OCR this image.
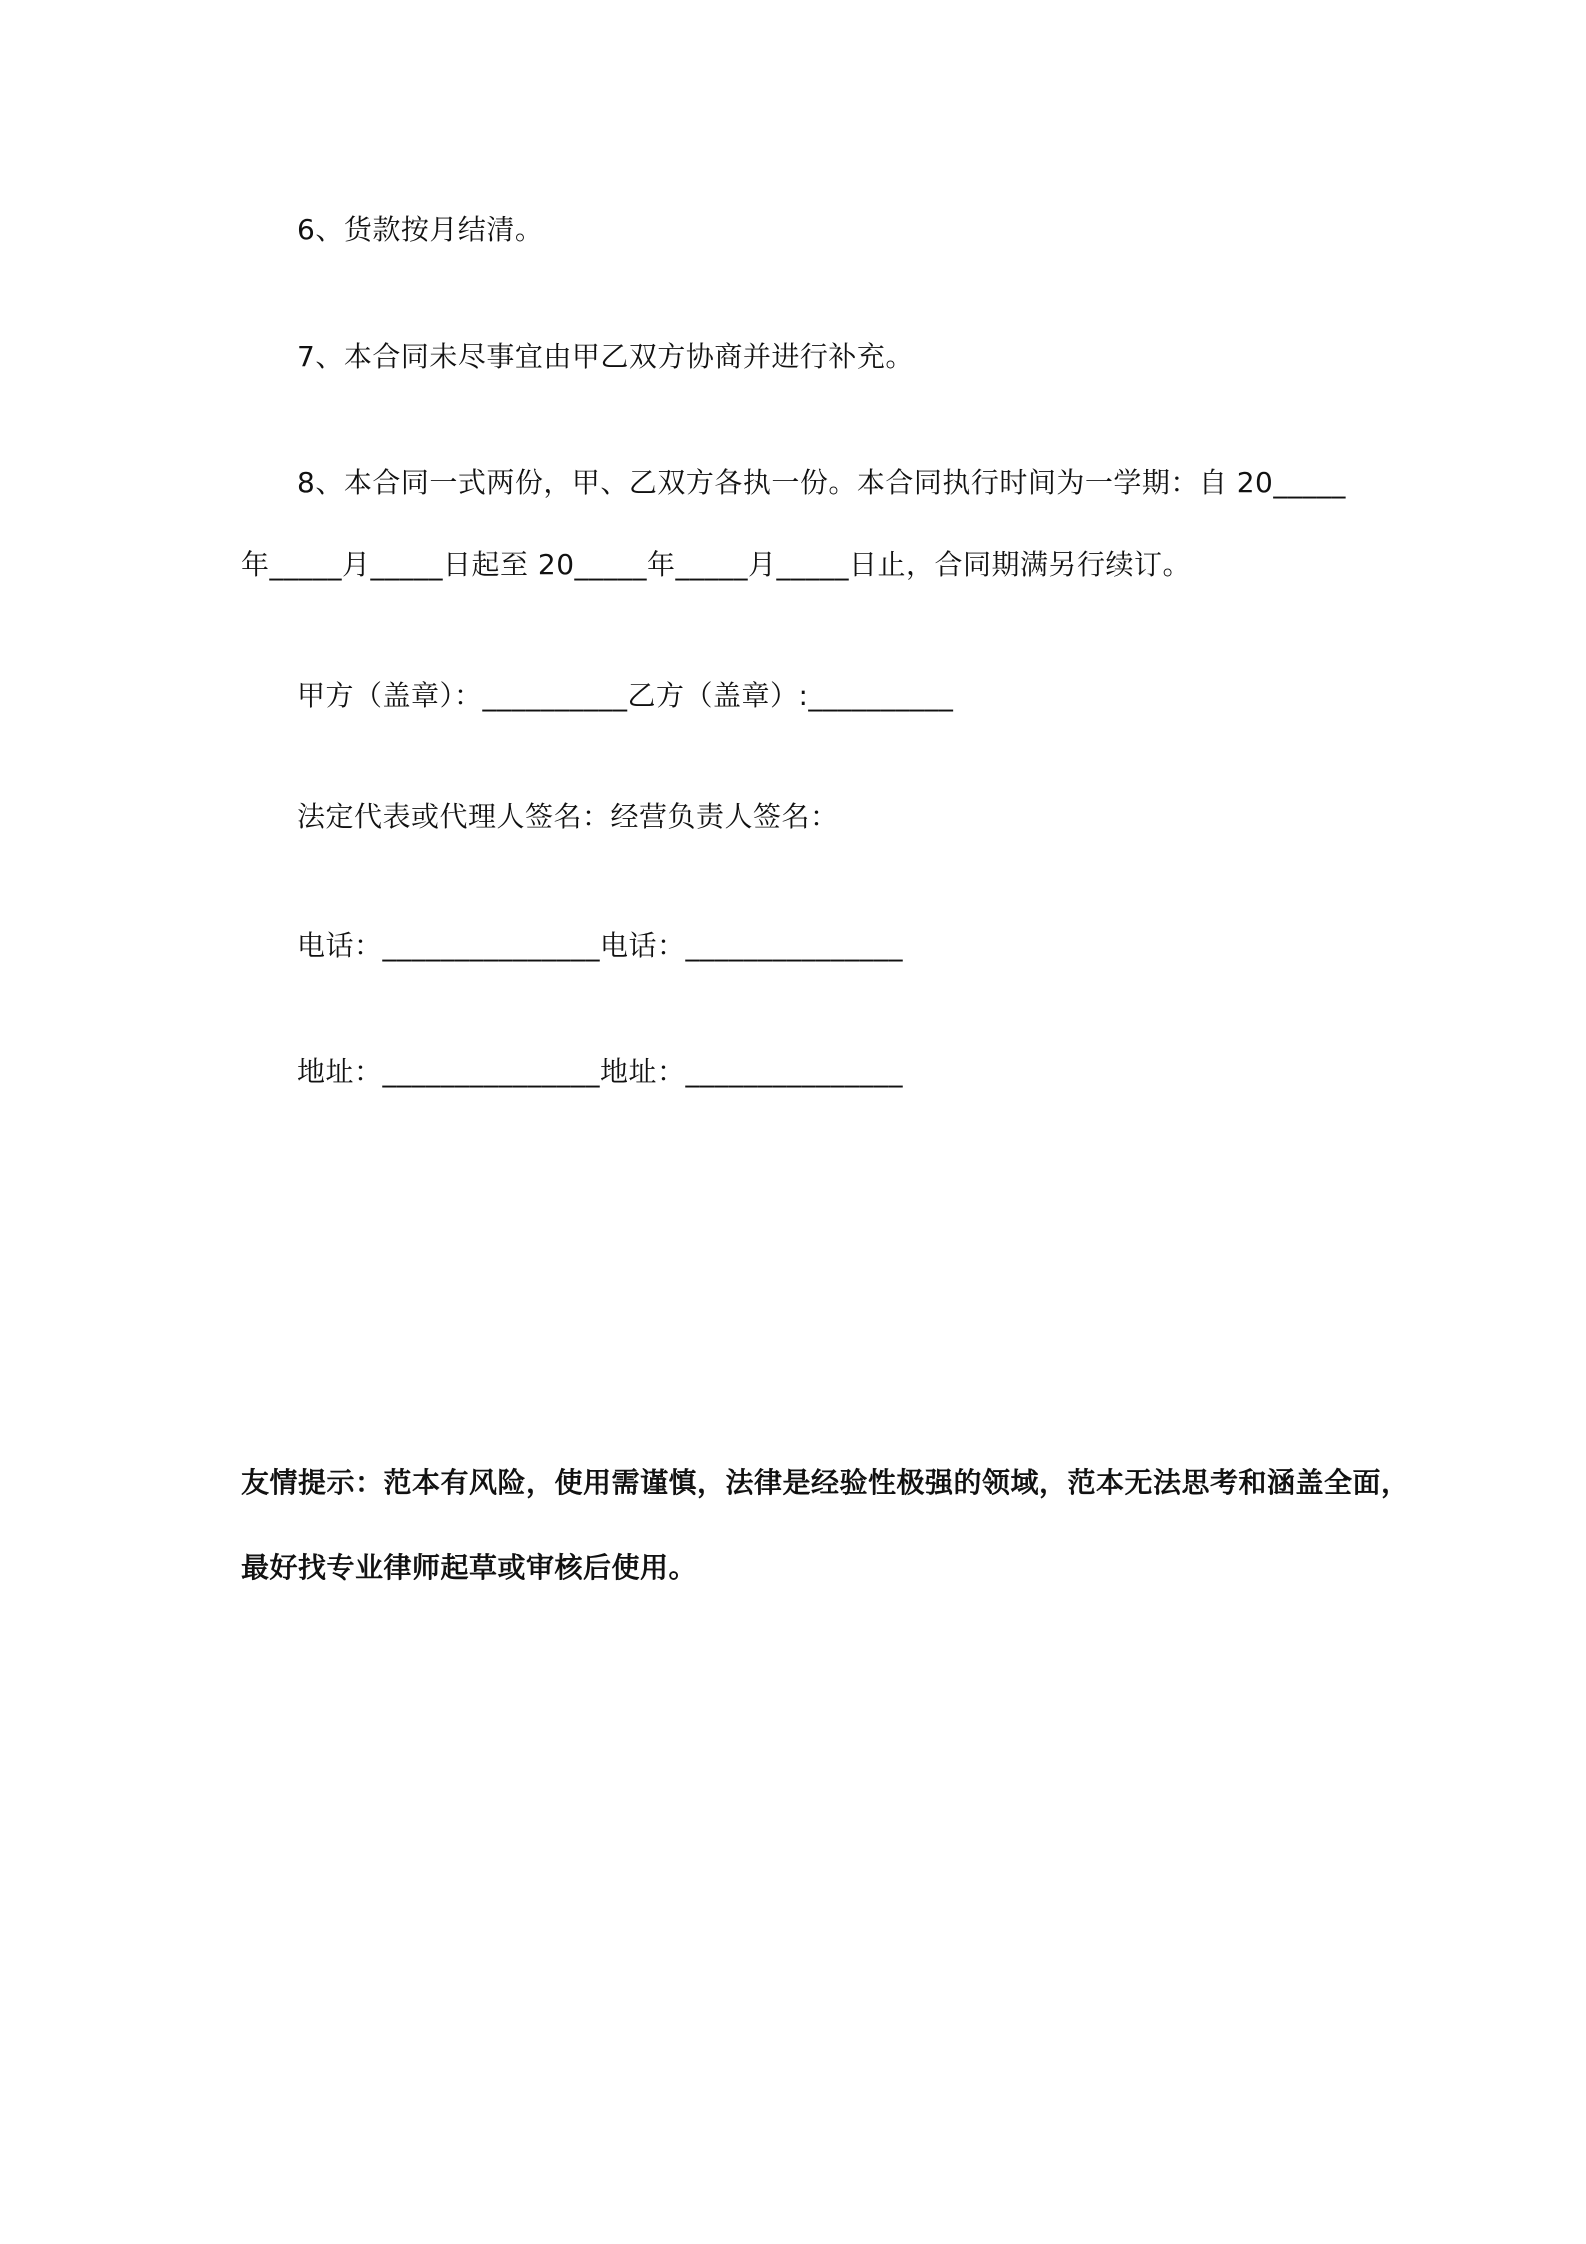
6、货款按月结清。
7、本合同未尽事宜由甲乙双方协商并进行补充。
8、本合同一式两份，甲、乙双方各执一份。本合同执行时间为一学期：自 20_____
年_____月_____日起至 20_____年_____月_____日止，合同期满另行续订。
甲方（盖章）：__________乙方（盖章）:__________
法定代表或代理人签名：经营负责人签名：
电话：_______________电话：_______________
地址：_______________地址：_______________
友情提示：范本有风险，使用需谨慎，法律是经验性极强的领域，范本无法思考和涵盖全面，
最好找专业律师起草或审核后使用。
